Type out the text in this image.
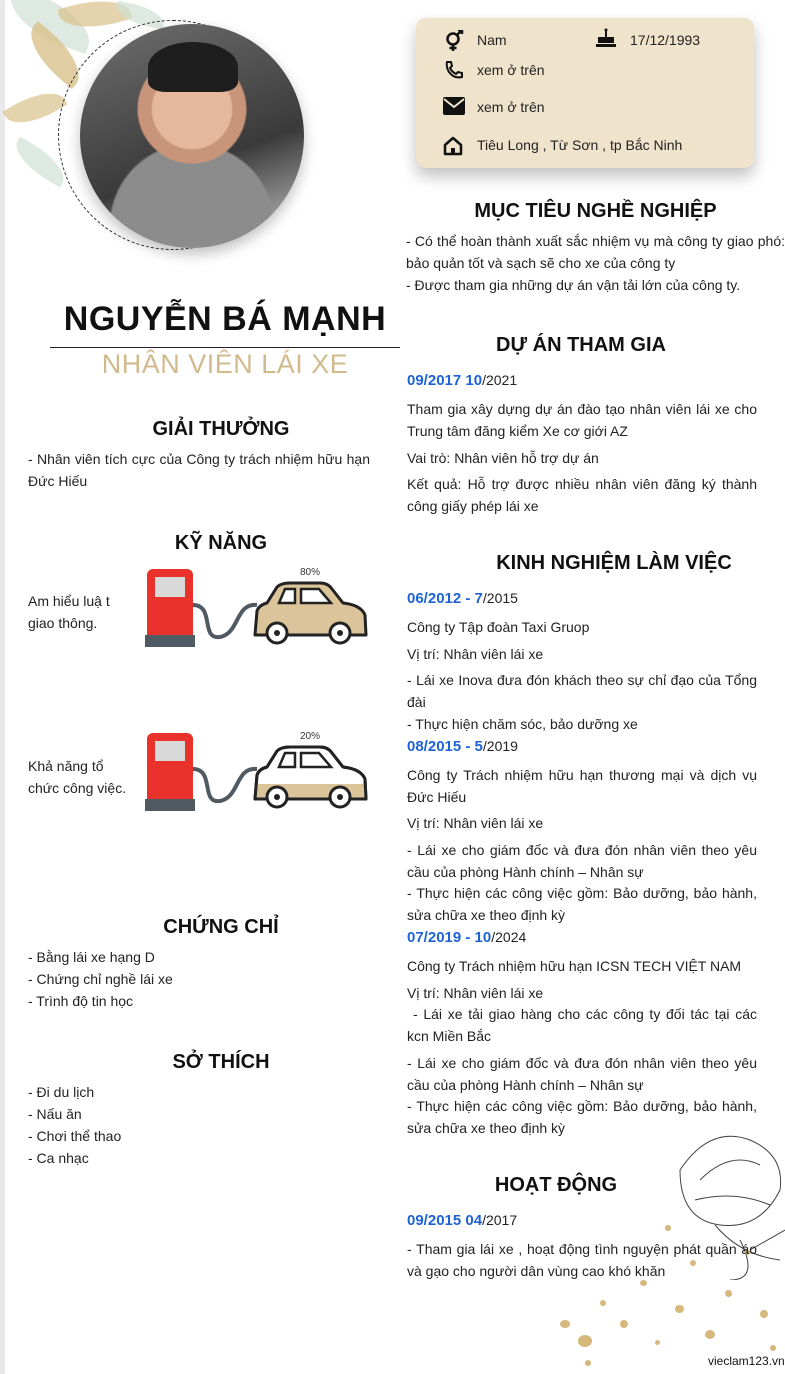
NGUYỄN BÁ MẠNH
NHÂN VIÊN LÁI XE
GIẢI THƯỞNG
- Nhân viên tích cực của Công ty trách nhiệm hữu hạn Đức Hiếu
KỸ NĂNG
Am hiểu luậ t
giao thông.
80%
Khả năng tổ
chức công việc.
20%
CHỨNG CHỈ
- Bằng lái xe hạng D
- Chứng chỉ nghề lái xe
- Trình độ tin học
SỞ THÍCH
- Đi du lịch
- Nấu ăn
- Chơi thể thao
- Ca nhạc
Nam	17/12/1993
xem ở trên
xem ở trên
Tiêu Long , Từ Sơn , tp Bắc Ninh
MỤC TIÊU NGHỀ NGHIỆP
- Có thể hoàn thành xuất sắc nhiệm vụ mà công ty giao phó: bảo quản tốt và sạch sẽ cho xe của công ty
- Được tham gia những dự án vận tải lớn của công ty.
DỰ ÁN THAM GIA
09/2017 10/2021
Tham gia xây dựng dự án đào tạo nhân viên lái xe cho Trung tâm đăng kiểm Xe cơ giới AZ
Vai trò: Nhân viên hỗ trợ dự án
Kết quả: Hỗ trợ được nhiều nhân viên đăng ký thành công giấy phép lái xe
KINH NGHIỆM LÀM VIỆC
06/2012 - 7/2015
Công ty Tập đoàn Taxi Gruop
Vị trí: Nhân viên lái xe
- Lái xe Inova đưa đón khách theo sự chỉ đạo của Tổng đài
- Thực hiện chăm sóc, bảo dưỡng xe
08/2015 - 5/2019
Công ty Trách nhiệm hữu hạn thương mại và dịch vụ Đức Hiếu
Vị trí: Nhân viên lái xe
- Lái xe cho giám đốc và đưa đón nhân viên theo yêu cầu của phòng Hành chính – Nhân sự
- Thực hiện các công việc gồm: Bảo dưỡng, bảo hành, sửa chữa xe theo định kỳ
07/2019 - 10/2024
Công ty Trách nhiệm hữu hạn ICSN TECH VIỆT NAM
Vị trí: Nhân viên lái xe
- Lái xe tải giao hàng cho các công ty đối tác tại các kcn Miền Bắc
- Lái xe cho giám đốc và đưa đón nhân viên theo yêu cầu của phòng Hành chính – Nhân sự
- Thực hiện các công việc gồm: Bảo dưỡng, bảo hành, sửa chữa xe theo định kỳ
HOẠT ĐỘNG
09/2015 04/2017
- Tham gia lái xe , hoạt động tình nguyện phát quần áo và gạo cho người dân vùng cao khó khăn
vieclam123.vn
